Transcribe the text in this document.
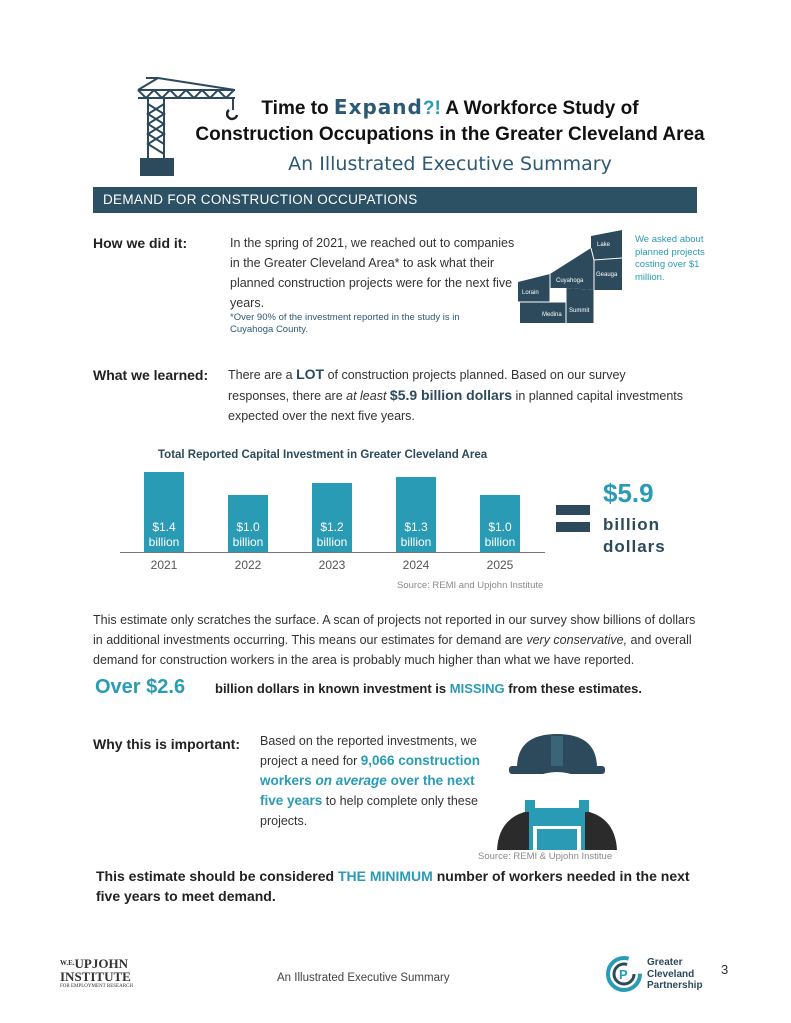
Time to Expand?! A Workforce Study of
Construction Occupations in the Greater Cleveland Area
An Illustrated Executive Summary
DEMAND FOR CONSTRUCTION OCCUPATIONS
How we did it:	In the spring of 2021, we reached out to companies in the Greater Cleveland Area* to ask what their planned construction projects were for the next five years.
*Over 90% of the investment reported in the study is in Cuyahoga County.
Lake
Geauga
Cuyahoga
Lorain
Medina
Summit
We asked about planned projects costing over $1 million.
What we learned: There are a LOT of construction projects planned. Based on our survey responses, there are at least $5.9 billion dollars in planned capital investments expected over the next five years.
Total Reported Capital Investment in Greater Cleveland Area
$1.4
billion
2021
$1.0
billion
2022
$1.2
billion
2023
$1.3
billion
2024
$1.0
billion
2025
Source: REMI and Upjohn Institute
$5.9
billion dollars
This estimate only scratches the surface. A scan of projects not reported in our survey show billions of dollars in additional investments occurring. This means our estimates for demand are very conservative, and overall demand for construction workers in the area is probably much higher than what we have reported.
Over $2.6 billion dollars in known investment is MISSING from these estimates.
Why this is important: Based on the reported investments, we project a need for 9,066 construction workers on average over the next five years to help complete only these projects.
Source: REMI & Upjohn Institue
This estimate should be considered THE MINIMUM number of workers needed in the next five years to meet demand.
$^{W.E.}$UPJOHN
INSTITUTE
FOR EMPLOYMENT RESEARCH
An Illustrated Executive Summary	P
Greater
Cleveland
Partnership
3
